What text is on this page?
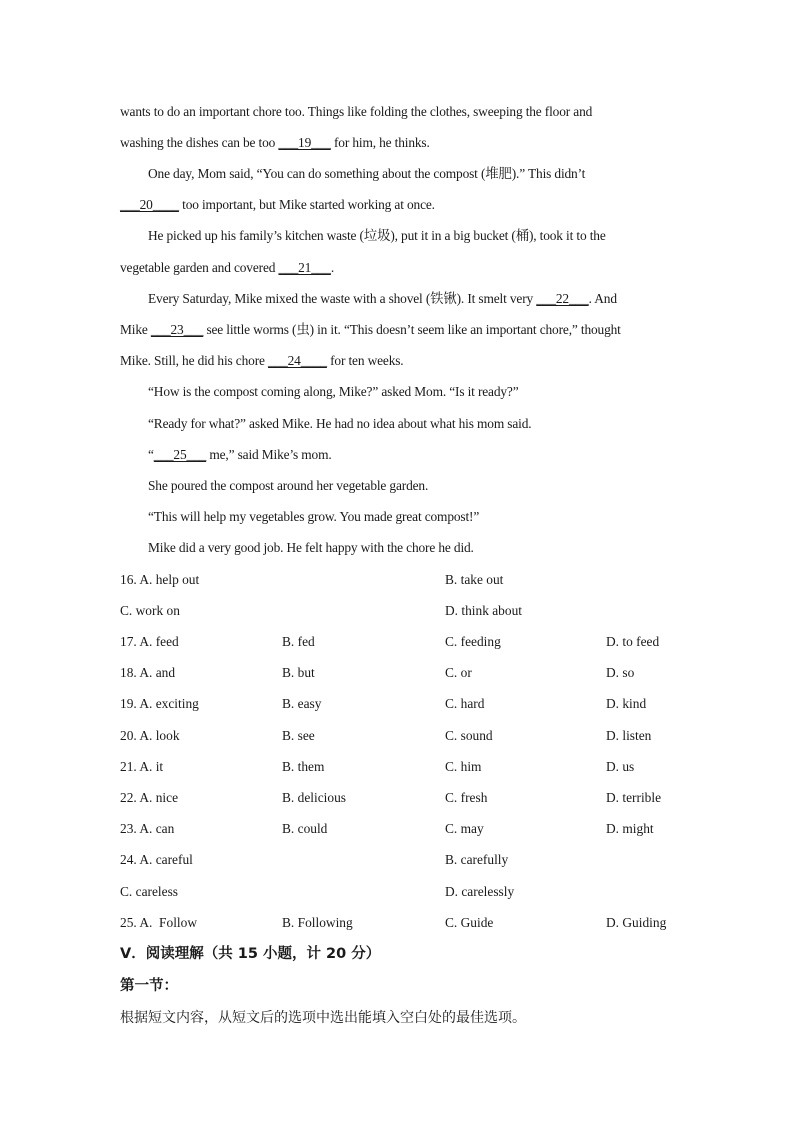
wants to do an important chore too. Things like folding the clothes, sweeping the floor and
washing the dishes can be too ___19___ for him, he thinks.
One day, Mom said, “You can do something about the compost (堆肥).” This didn’t
___20____ too important, but Mike started working at once.
He picked up his family’s kitchen waste (垃圾), put it in a big bucket (桶), took it to the
vegetable garden and covered ___21___.
Every Saturday, Mike mixed the waste with a shovel (铁锹). It smelt very ___22___. And
Mike ___23___ see little worms (虫) in it. “This doesn’t seem like an important chore,” thought
Mike. Still, he did his chore ___24____ for ten weeks.
“How is the compost coming along, Mike?” asked Mom. “Is it ready?”
“Ready for what?” asked Mike. He had no idea about what his mom said.
“___25___ me,” said Mike’s mom.
She poured the compost around her vegetable garden.
“This will help my vegetables grow. You made great compost!”
Mike did a very good job. He felt happy with the chore he did.
16. A. help out	B. take out
C. work on	D. think about
17. A. feed	B. fed	C. feeding	D. to feed
18. A. and	B. but	C. or	D. so
19. A. exciting	B. easy	C. hard	D. kind
20. A. look	B. see	C. sound	D. listen
21. A. it	B. them	C. him	D. us
22. A. nice	B. delicious	C. fresh	D. terrible
23. A. can	B. could	C. may	D. might
24. A. careful	B. carefully
C. careless	D. carelessly
25. A.  Follow	B. Following	C. Guide	D. Guiding
V．阅读理解（共 15 小题，计 20 分）
第一节：
根据短文内容，从短文后的选项中选出能填入空白处的最佳选项。
